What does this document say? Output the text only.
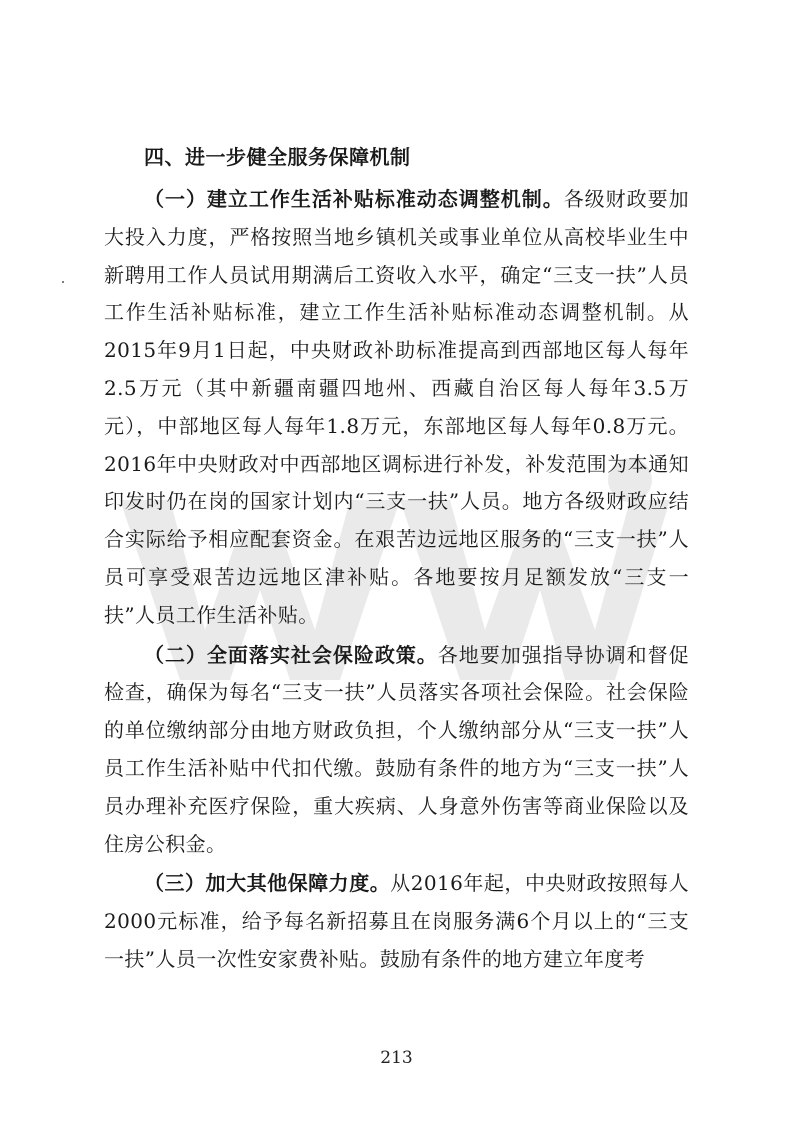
四、进一步健全服务保障机制

（一）建立工作生活补贴标准动态调整机制。各级财政要加大投入力度，严格按照当地乡镇机关或事业单位从高校毕业生中新聘用工作人员试用期满后工资收入水平，确定“三支一扶”人员工作生活补贴标准，建立工作生活补贴标准动态调整机制。从2015年9月1日起，中央财政补助标准提高到西部地区每人每年2.5万元（其中新疆南疆四地州、西藏自治区每人每年3.5万元），中部地区每人每年1.8万元，东部地区每人每年0.8万元。2016年中央财政对中西部地区调标进行补发，补发范围为本通知印发时仍在岗的国家计划内“三支一扶”人员。地方各级财政应结合实际给予相应配套资金。在艰苦边远地区服务的“三支一扶”人员可享受艰苦边远地区津补贴。各地要按月足额发放“三支一扶”人员工作生活补贴。

（二）全面落实社会保险政策。各地要加强指导协调和督促检查，确保为每名“三支一扶”人员落实各项社会保险。社会保险的单位缴纳部分由地方财政负担，个人缴纳部分从“三支一扶”人员工作生活补贴中代扣代缴。鼓励有条件的地方为“三支一扶”人员办理补充医疗保险，重大疾病、人身意外伤害等商业保险以及住房公积金。

（三）加大其他保障力度。从2016年起，中央财政按照每人2000元标准，给予每名新招募且在岗服务满6个月以上的“三支一扶”人员一次性安家费补贴。鼓励有条件的地方建立年度考

213
